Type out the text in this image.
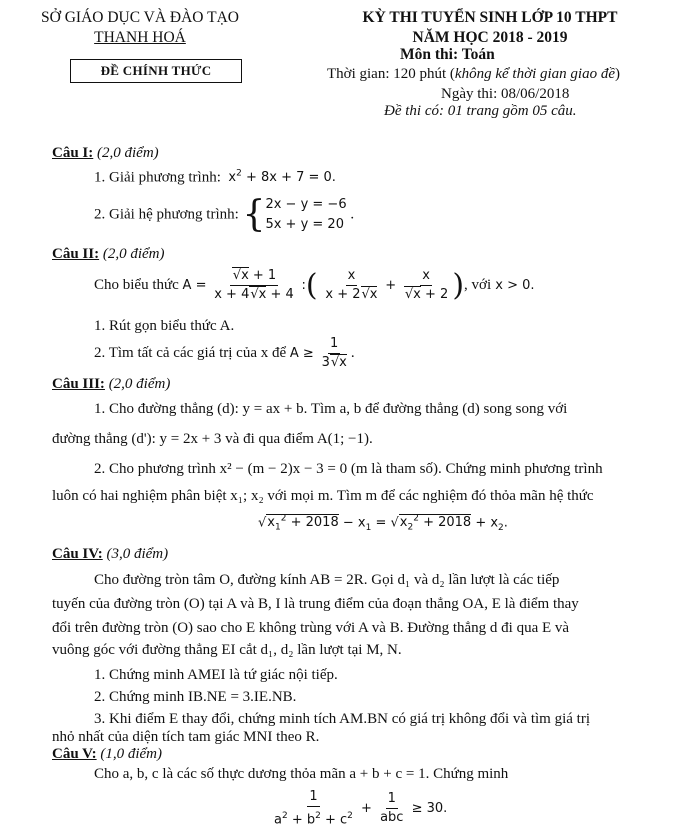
SỞ GIÁO DỤC VÀ ĐÀO TẠO
THANH HOÁ
ĐỀ CHÍNH THỨC
KỲ THI TUYỂN SINH LỚP 10 THPT
NĂM HỌC 2018 - 2019
Môn thi: Toán
Thời gian: 120 phút (không kể thời gian giao đề)
Ngày thi: 08/06/2018
Đề thi có: 01 trang gồm 05 câu.
Câu I: (2,0 điểm)
1. Giải phương trình: $x^2 + 8x + 7 = 0$.
2. Giải hệ phương trình: { 2x − y = −6
5x + y = 20
.
Câu II: (2,0 điểm)
Cho biểu thức $A = \frac{√x + 1}{x + 4√x + 4}$ :( $\frac{x}{x + 2√x} + \frac{x}{√x + 2}$ ), với x > 0.
1. Rút gọn biểu thức A.
2. Tìm tất cả các giá trị của x để $A \ge \frac{1}{3√x}$ .
Câu III: (2,0 điểm)
1. Cho đường thẳng (d): y = ax + b. Tìm a, b để đường thẳng (d) song song với
đường thẳng (d'): y = 2x + 3 và đi qua điểm A(1; −1).
2. Cho phương trình x² − (m − 2)x − 3 = 0 (m là tham số). Chứng minh phương trình
luôn có hai nghiệm phân biệt x₁; x₂ với mọi m. Tìm m để các nghiệm đó thỏa mãn hệ thức
$√x_1^2 + 2018 - x_1 = √x_2^2 + 2018 + x_2$.
Câu IV: (3,0 điểm)
Cho đường tròn tâm O, đường kính AB = 2R. Gọi d₁ và d₂ lần lượt là các tiếp
tuyến của đường tròn (O) tại A và B, I là trung điểm của đoạn thẳng OA, E là điểm thay
đổi trên đường tròn (O) sao cho E không trùng với A và B. Đường thẳng d đi qua E và
vuông góc với đường thẳng EI cắt d₁, d₂ lần lượt tại M, N.
1. Chứng minh AMEI là tứ giác nội tiếp.
2. Chứng minh IB.NE = 3.IE.NB.
3. Khi điểm E thay đổi, chứng minh tích AM.BN có giá trị không đổi và tìm giá trị
nhỏ nhất của diện tích tam giác MNI theo R.
Câu V: (1,0 điểm)
Cho a, b, c là các số thực dương thỏa mãn a + b + c = 1. Chứng minh
$\frac{1}{a^2 + b^2 + c^2} + \frac{1}{\text{abc}} \ge 30$.
